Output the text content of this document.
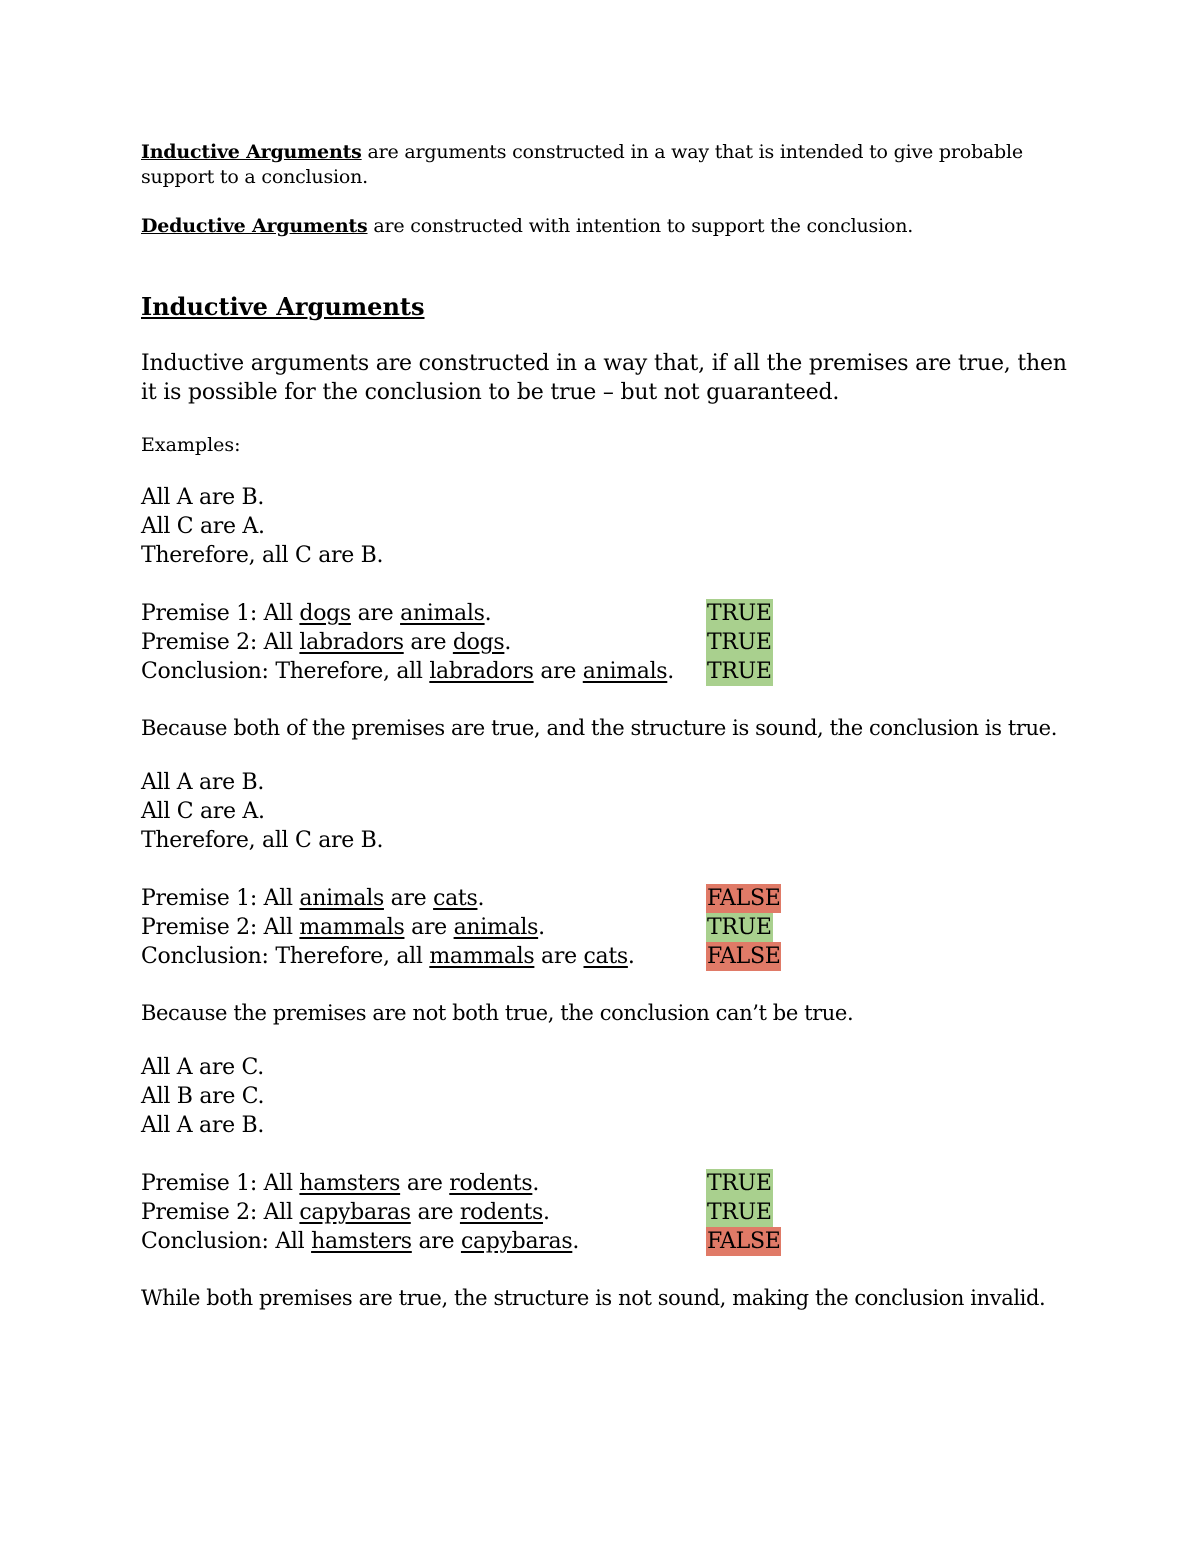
Inductive Arguments are arguments constructed in a way that is intended to give probable support to a conclusion.

Deductive Arguments are constructed with intention to support the conclusion.

Inductive Arguments

Inductive arguments are constructed in a way that, if all the premises are true, then it is possible for the conclusion to be true – but not guaranteed.

Examples:

All A are B.

All C are A.

Therefore, all C are B.

Premise 1: All dogs are animals.	TRUE
Premise 2: All labradors are dogs.	TRUE
Conclusion: Therefore, all labradors are animals.	TRUE

Because both of the premises are true, and the structure is sound, the conclusion is true.

All A are B.

All C are A.

Therefore, all C are B.

Premise 1: All animals are cats.	FALSE
Premise 2: All mammals are animals.	TRUE
Conclusion: Therefore, all mammals are cats.	FALSE

Because the premises are not both true, the conclusion can’t be true.

All A are C.

All B are C.

All A are B.

Premise 1: All hamsters are rodents.	TRUE
Premise 2: All capybaras are rodents.	TRUE
Conclusion: All hamsters are capybaras.	FALSE

While both premises are true, the structure is not sound, making the conclusion invalid.
